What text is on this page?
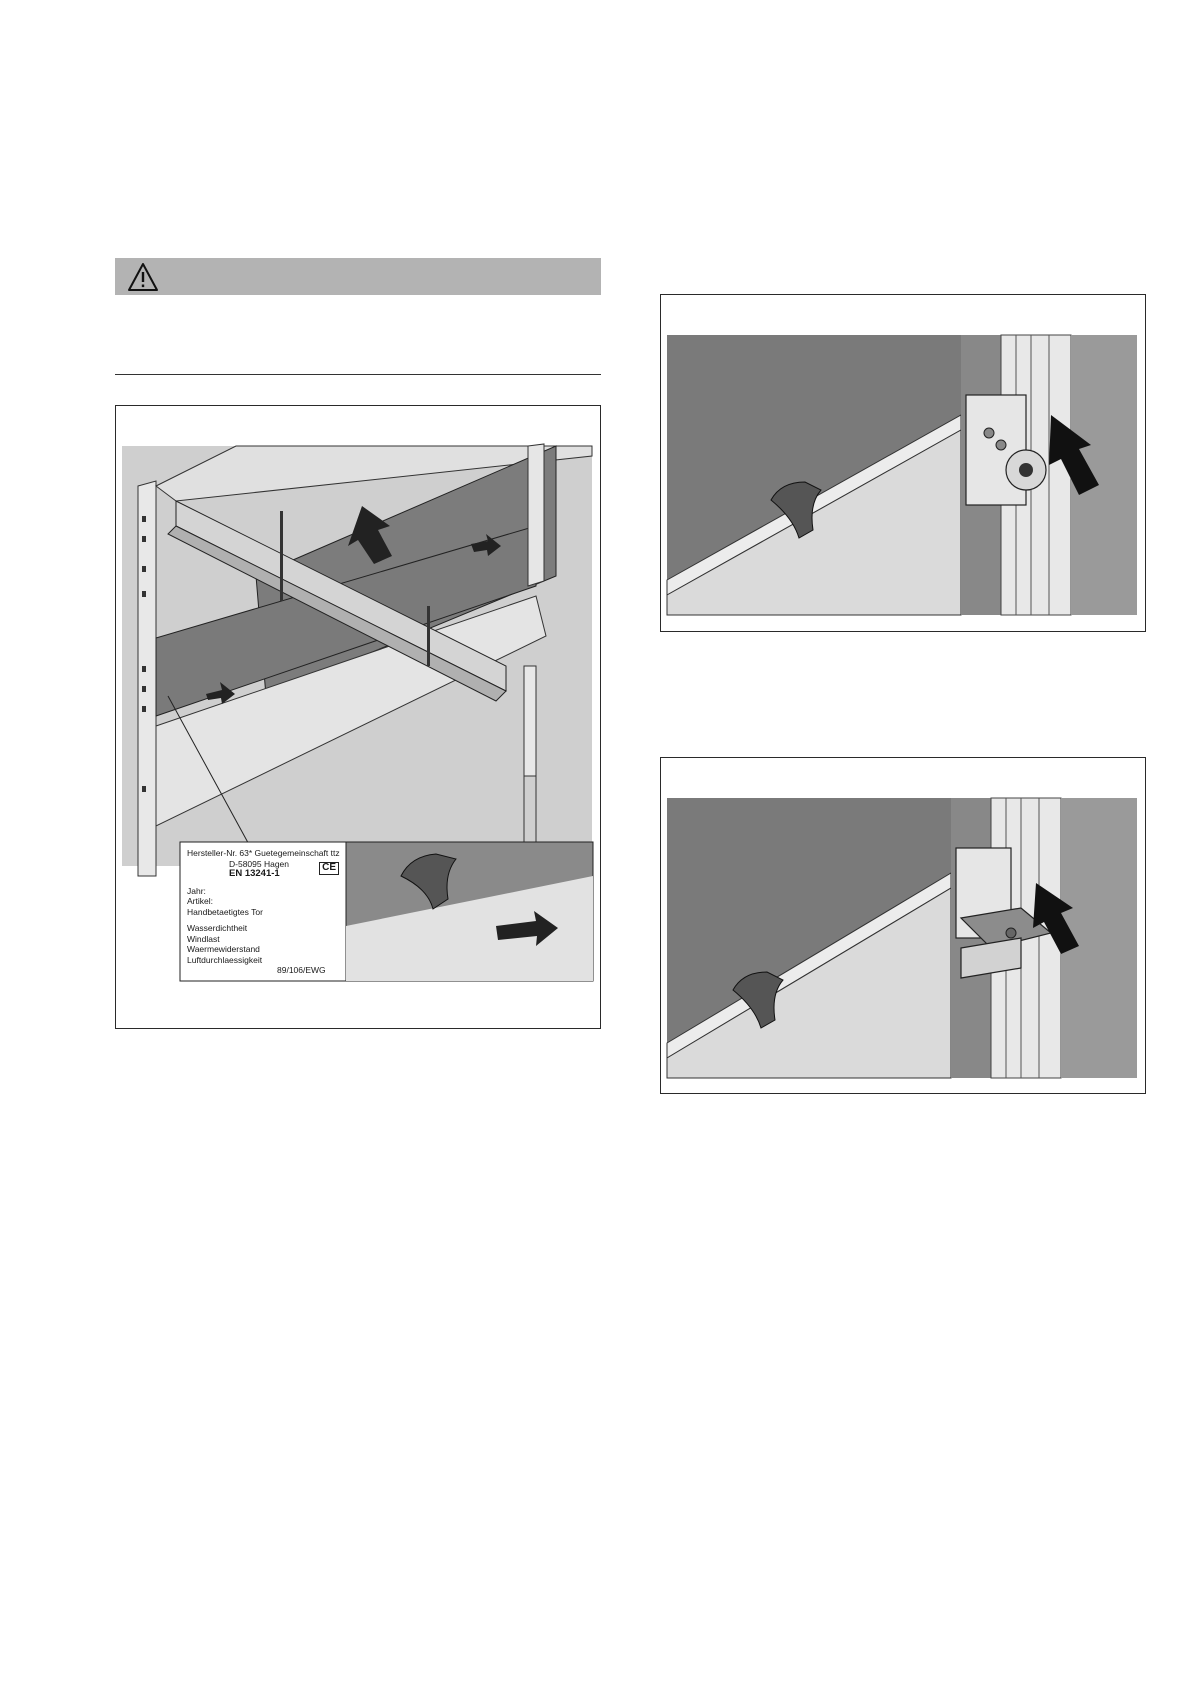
Hersteller-Nr. 63* Guetegemeinschaft ttz
D-58095 Hagen
EN 13241-1
CE
Jahr:
Artikel:
Handbetaetigtes Tor
Wasserdichtheit
Windlast
Waermewiderstand
Luftdurchlaessigkeit
89/106/EWG
